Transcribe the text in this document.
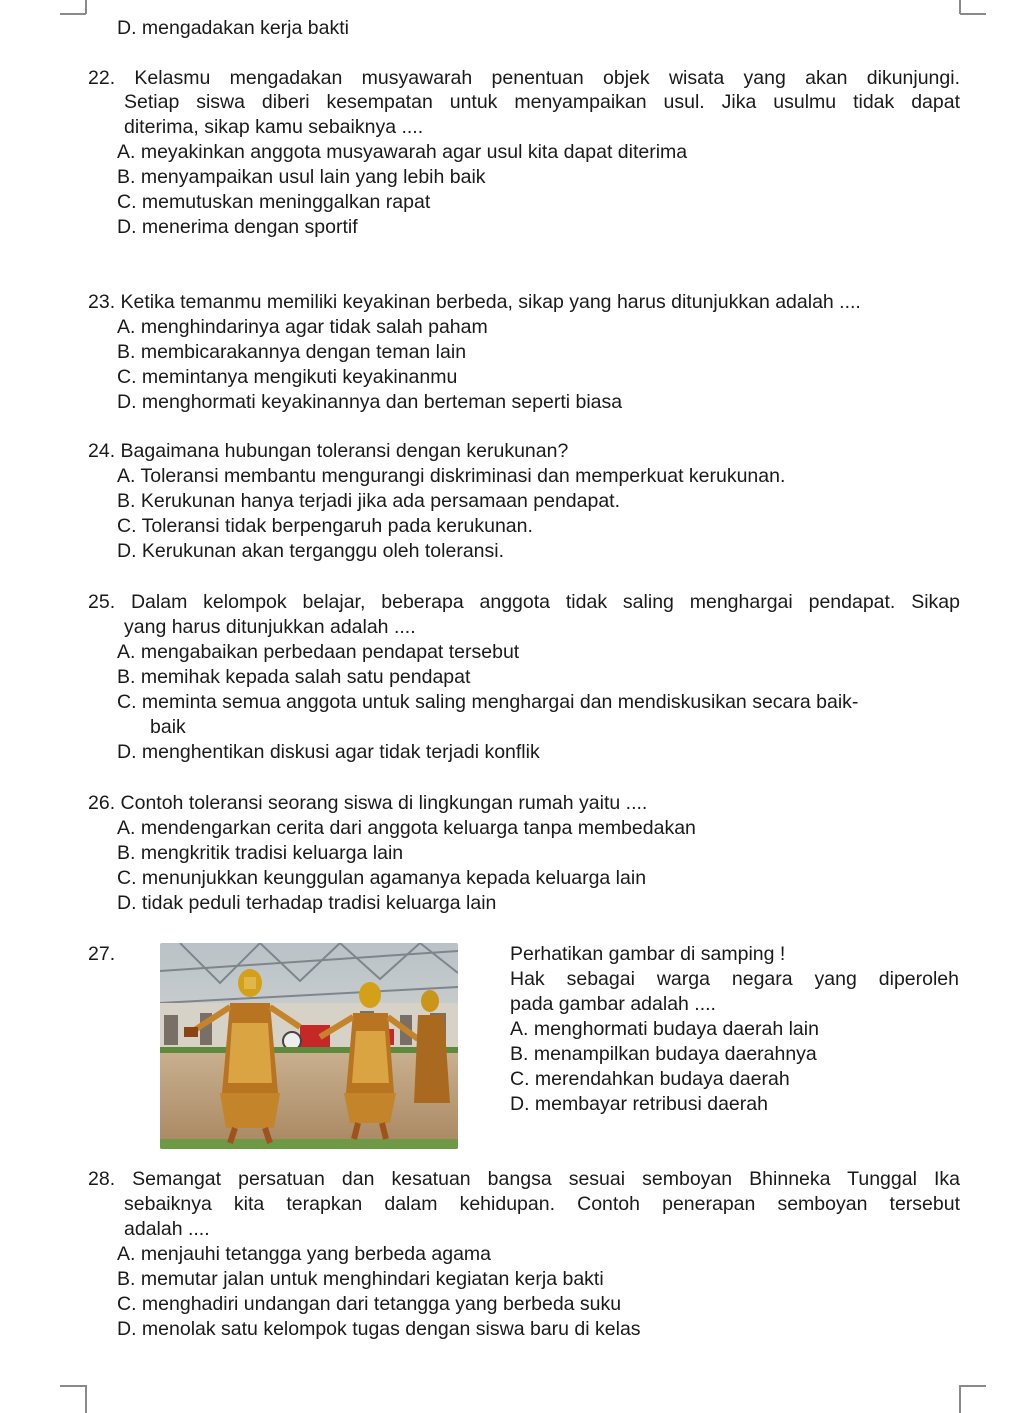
D. mengadakan kerja bakti
22. Kelasmu mengadakan musyawarah penentuan objek wisata yang akan dikunjungi.
Setiap siswa diberi kesempatan untuk menyampaikan usul. Jika usulmu tidak dapat
diterima, sikap kamu sebaiknya ....
A. meyakinkan anggota musyawarah agar usul kita dapat diterima
B. menyampaikan usul lain yang lebih baik
C. memutuskan meninggalkan rapat
D. menerima dengan sportif
23. Ketika temanmu memiliki keyakinan berbeda, sikap yang harus ditunjukkan adalah ....
A. menghindarinya agar tidak salah paham
B. membicarakannya dengan teman lain
C. memintanya mengikuti keyakinanmu
D. menghormati keyakinannya dan berteman seperti biasa
24. Bagaimana hubungan toleransi dengan kerukunan?
A. Toleransi membantu mengurangi diskriminasi dan memperkuat kerukunan.
B. Kerukunan hanya terjadi jika ada persamaan pendapat.
C. Toleransi tidak berpengaruh pada kerukunan.
D. Kerukunan akan terganggu oleh toleransi.
25. Dalam kelompok belajar, beberapa anggota tidak saling menghargai pendapat. Sikap
yang harus ditunjukkan adalah ....
A. mengabaikan perbedaan pendapat tersebut
B. memihak kepada salah satu pendapat
C. meminta semua anggota untuk saling menghargai dan mendiskusikan secara baik-
baik
D. menghentikan diskusi agar tidak terjadi konflik
26. Contoh toleransi seorang siswa di lingkungan rumah yaitu ....
A. mendengarkan cerita dari anggota keluarga tanpa membedakan
B. mengkritik tradisi keluarga lain
C. menunjukkan keunggulan agamanya kepada keluarga lain
D. tidak peduli terhadap tradisi keluarga lain
27.	Perhatikan gambar di samping !
Hak sebagai warga negara yang diperoleh
pada gambar adalah ....
A. menghormati budaya daerah lain
B. menampilkan budaya daerahnya
C. merendahkan budaya daerah
D. membayar retribusi daerah
28. Semangat persatuan dan kesatuan bangsa sesuai semboyan Bhinneka Tunggal Ika
sebaiknya kita terapkan dalam kehidupan. Contoh penerapan semboyan tersebut
adalah ....
A. menjauhi tetangga yang berbeda agama
B. memutar jalan untuk menghindari kegiatan kerja bakti
C. menghadiri undangan dari tetangga yang berbeda suku
D. menolak satu kelompok tugas dengan siswa baru di kelas
